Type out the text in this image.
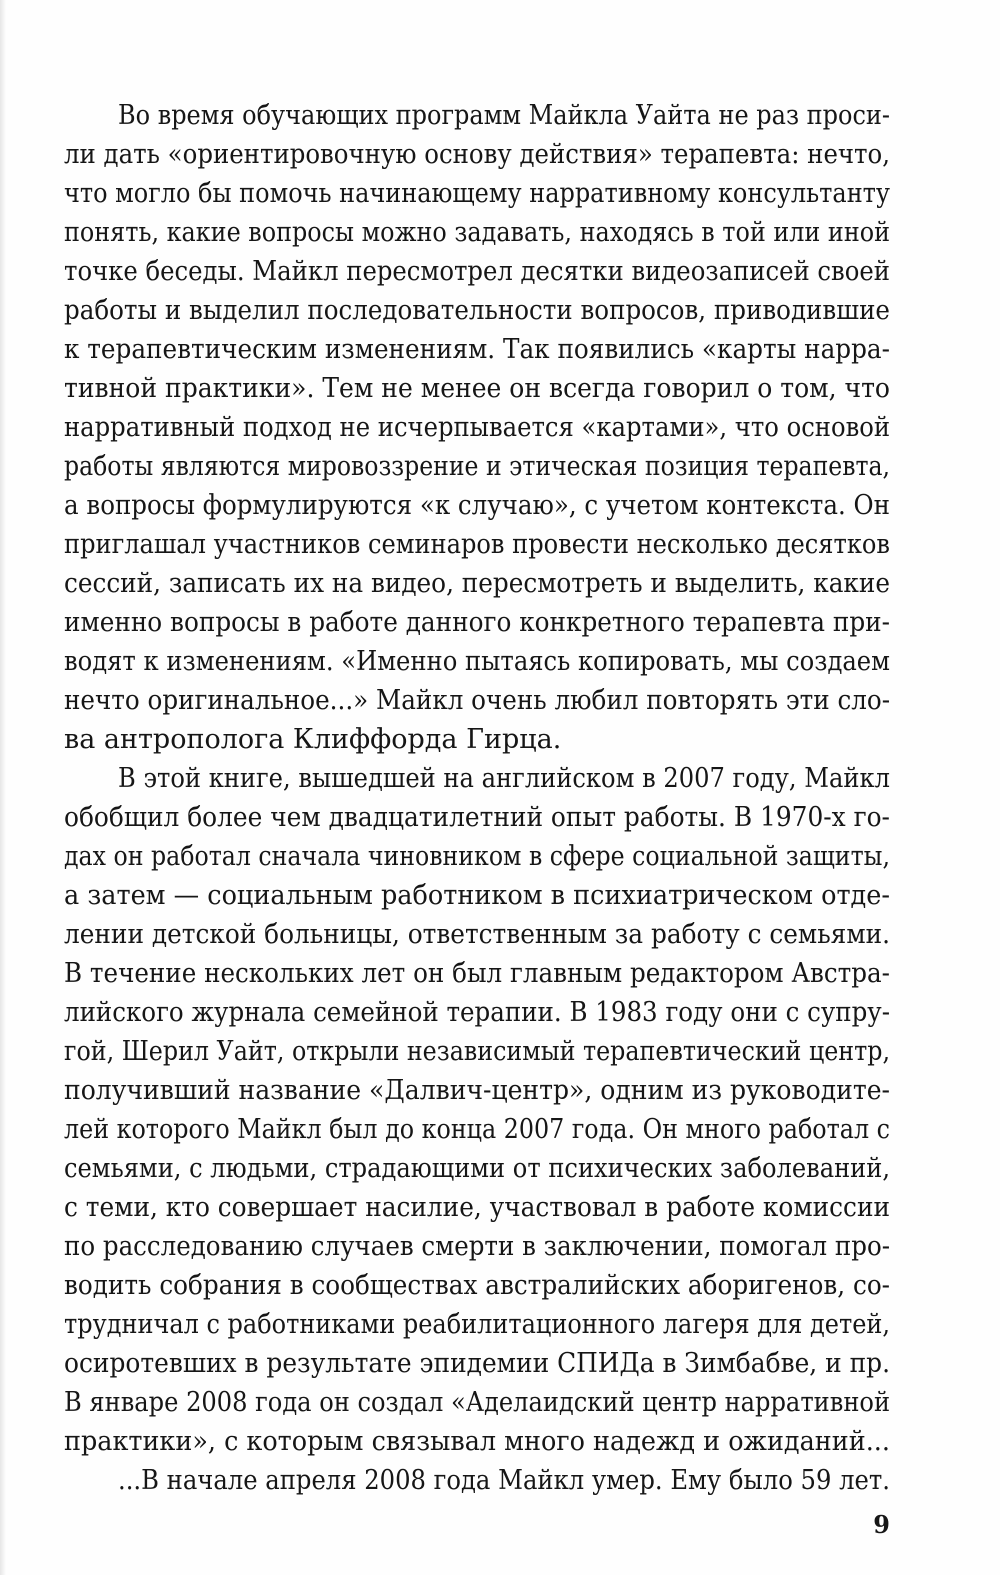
Во время обучающих программ Майкла Уайта не раз проси-
ли дать «ориентировочную основу действия» терапевта: нечто,
что могло бы помочь начинающему нарративному консультанту
понять, какие вопросы можно задавать, находясь в той или иной
точке беседы. Майкл пересмотрел десятки видеозаписей своей
работы и выделил последовательности вопросов, приводившие
к терапевтическим изменениям. Так появились «карты нарра-
тивной практики». Тем не менее он всегда говорил о том, что
нарративный подход не исчерпывается «картами», что основой
работы являются мировоззрение и этическая позиция терапевта,
а вопросы формулируются «к случаю», с учетом контекста. Он
приглашал участников семинаров провести несколько десятков
сессий, записать их на видео, пересмотреть и выделить, какие
именно вопросы в работе данного конкретного терапевта при-
водят к изменениям. «Именно пытаясь копировать, мы создаем
нечто оригинальное...» Майкл очень любил повторять эти сло-
ва антрополога Клиффорда Гирца.
В этой книге, вышедшей на английском в 2007 году, Майкл
обобщил более чем двадцатилетний опыт работы. В 1970-х го-
дах он работал сначала чиновником в сфере социальной защиты,
а затем — социальным работником в психиатрическом отде-
лении детской больницы, ответственным за работу с семьями.
В течение нескольких лет он был главным редактором Австра-
лийского журнала семейной терапии. В 1983 году они с супру-
гой, Шерил Уайт, открыли независимый терапевтический центр,
получивший название «Далвич-центр», одним из руководите-
лей которого Майкл был до конца 2007 года. Он много работал с
семьями, с людьми, страдающими от психических заболеваний,
с теми, кто совершает насилие, участвовал в работе комиссии
по расследованию случаев смерти в заключении, помогал про-
водить собрания в сообществах австралийских аборигенов, со-
трудничал с работниками реабилитационного лагеря для детей,
осиротевших в результате эпидемии СПИДа в Зимбабве, и пр.
В январе 2008 года он создал «Аделаидский центр нарративной
практики», с которым связывал много надежд и ожиданий...
...В начале апреля 2008 года Майкл умер. Ему было 59 лет.
9
